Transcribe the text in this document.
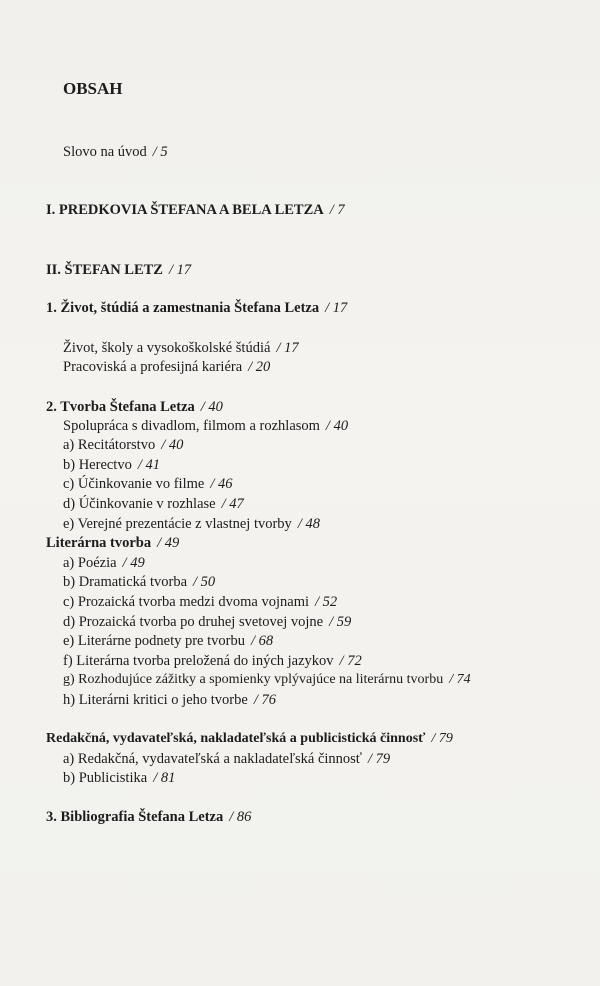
OBSAH
Slovo na úvod / 5
I. PREDKOVIA ŠTEFANA A BELA LETZA / 7
II. ŠTEFAN LETZ / 17
1. Život, štúdiá a zamestnania Štefana Letza / 17
Život, školy a vysokoškolské štúdiá / 17
Pracoviská a profesijná kariéra / 20
2. Tvorba Štefana Letza / 40
Spolupráca s divadlom, filmom a rozhlasom / 40
a) Recitátorstvo / 40
b) Herectvo / 41
c) Účinkovanie vo filme / 46
d) Účinkovanie v rozhlase / 47
e) Verejné prezentácie z vlastnej tvorby / 48
Literárna tvorba / 49
a) Poézia / 49
b) Dramatická tvorba / 50
c) Prozaická tvorba medzi dvoma vojnami / 52
d) Prozaická tvorba po druhej svetovej vojne / 59
e) Literárne podnety pre tvorbu / 68
f) Literárna tvorba preložená do iných jazykov / 72
g) Rozhodujúce zážitky a spomienky vplývajúce na literárnu tvorbu / 74
h) Literárni kritici o jeho tvorbe / 76
Redakčná, vydavateľská, nakladateľská a publicistická činnosť / 79
a) Redakčná, vydavateľská a nakladateľská činnosť / 79
b) Publicistika / 81
3. Bibliografia Štefana Letza / 86
